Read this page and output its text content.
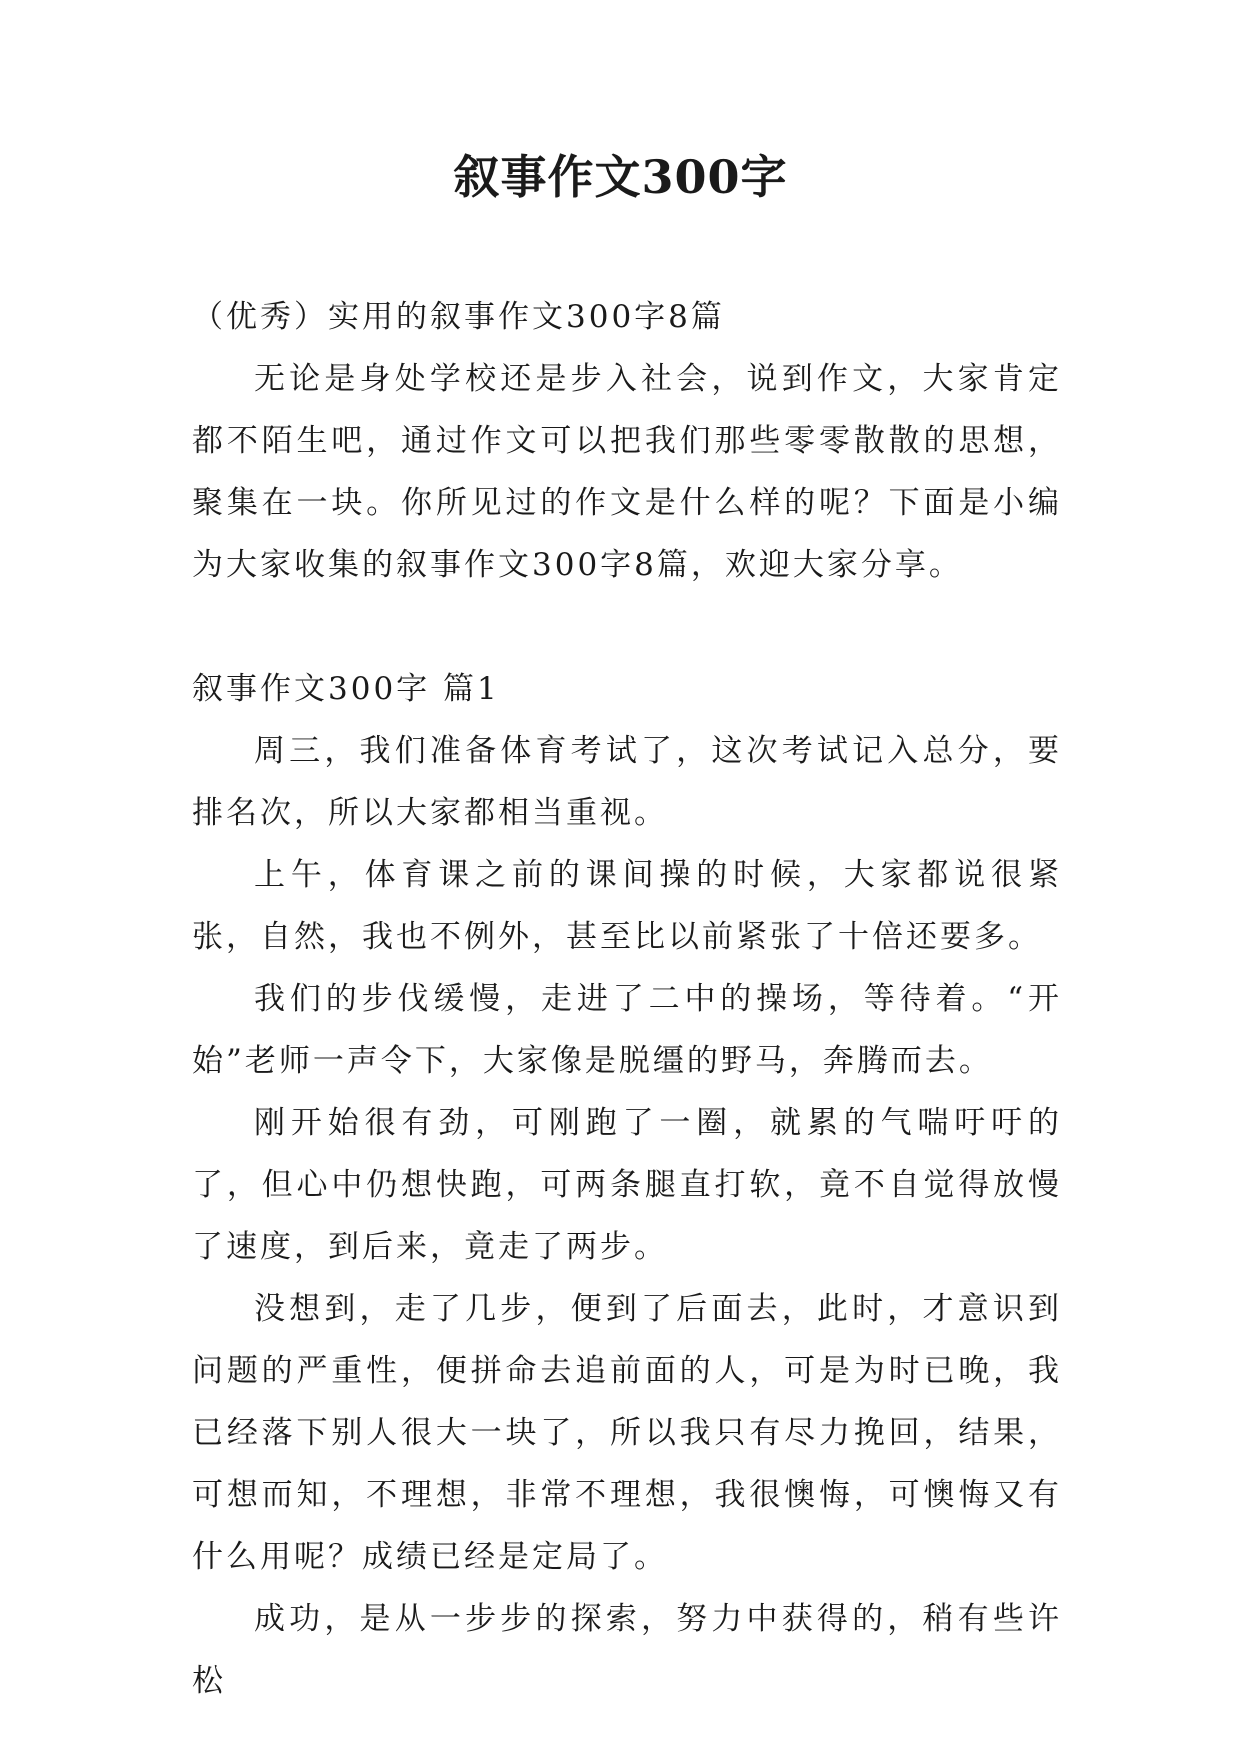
叙事作文300字

（优秀）实用的叙事作文300字8篇

无论是身处学校还是步入社会，说到作文，大家肯定都不陌生吧，通过作文可以把我们那些零零散散的思想，聚集在一块。你所见过的作文是什么样的呢？下面是小编为大家收集的叙事作文300字8篇，欢迎大家分享。

叙事作文300字 篇1

周三，我们准备体育考试了，这次考试记入总分，要排名次，所以大家都相当重视。

上午，体育课之前的课间操的时候，大家都说很紧张，自然，我也不例外，甚至比以前紧张了十倍还要多。

我们的步伐缓慢，走进了二中的操场，等待着。“开始”老师一声令下，大家像是脱缰的野马，奔腾而去。

刚开始很有劲，可刚跑了一圈，就累的气喘吁吁的了，但心中仍想快跑，可两条腿直打软，竟不自觉得放慢了速度，到后来，竟走了两步。

没想到，走了几步，便到了后面去，此时，才意识到问题的严重性，便拼命去追前面的人，可是为时已晚，我已经落下别人很大一块了，所以我只有尽力挽回，结果，可想而知，不理想，非常不理想，我很懊悔，可懊悔又有什么用呢？成绩已经是定局了。

成功，是从一步步的探索，努力中获得的，稍有些许松
